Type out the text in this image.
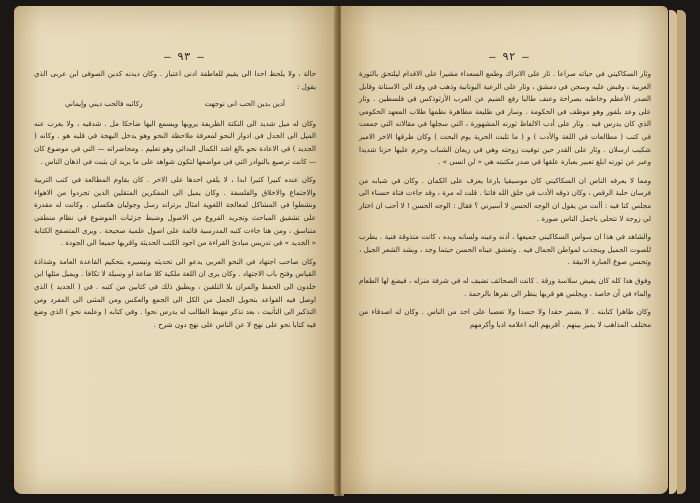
— ٩٣ —

حالة ، ولا يلحظ احدا الى يقيم للعاطفة ادنى اعتبار . وكان ديدنه كدين الصوفى ابن عربى الذي يقول :

أدين بدين الحب انى توجهت
ركائبه فالحب ديني وإيماني

وكان له ميل شديد الى النكتة الظريفة يرويها ويسمع اليها ضاحكا مل . شدقيه ، ولا يغرب عنه الميل الى الجدل في ادوار النحو لمعرفة ملاحظة النحو وهو يدخل البهجة في قلبه هو . وكانه ( الجديد ) في الاعادة نحو بالغ اشد الكمال البدائي وهو تعليم . ومحاضراته — التي في موضوع كان — كانت ترصيع بالنوادر التي في مواضعها لتكون شواهد على ما يريد ان يثبت في اذهان الناس .

وكان عنده كبيرا كثيرا ابدا ، لا يلقي احدها على الاخر . كان يقاوم المطالعة في كتب التربية والاجتماع والاخلاق والفلسفة . وكان يميل الى المفكرين المتقلين الذين تجردوا من الاهواء ونشطوا في المشاكل لمعالجة اللغوية امثال برتراند رسل وجوليان هكسلي . وكانت له مقدرة على تشقيق المباحث وتجريد الفروع من الاصول وضبط جزئيات الموضوع في نظام منطقي متناسق ، ومن هنا جاءت كتبه المدرسية قائمة على اصول علمية صحيحة . ويرى المتصفح الكتابة « الجديد » في تدريس مبادئ القراءة من اجود الكتب الحديثة واقربها جميعا الى الجودة .

وكان صاحب اجتهاد في النحو العربي يدعو الى تحديثه وتيسيره بتحكيم القاعدة العامة وشذاذة القياس وفتح باب الاجتهاد . وكان يرى ان اللغة ملكية كلا ضاعة او وسيلة لا تكافا . ويميل مثلها ابن خلدون الى الحفظ والمران بلا التلقين ، ويطيق ذلك في كتابين من كتبه . في ( الجديد ) الذي اوصل فيه القواعد بتحويل الجمل من الكل الى الجمع والعكس ومن المثنى الى المفرد ومن التذكير الى التأنيث ، بعد تذكر مهبط الطالب له يدرس نحوا . وفي كتابه ( وعلمه نحو ) الذي وضع فيه كتابا نحو على نهج لا عن الناس على نهج دون شرح .

— ٩٢ —

وثار السكاكيني في حياته صراعا . ثار على الاتراك وطمع السعداء مشيرا على الاقدام ليلتحق بالثورة العربية ، وقبض عليه وسجن في دمشق ، وثار على الرعية اليونانية وذهب في وفد الى الاستانة وقابل الصدر الأعظم وخاطبه بصراحة وعنف طالبا رفع الضيم عن العرب الأرثوذكس في فلسطين . وثار على وعد بلفور وهو موظف في الحكومة . وسار في طليعة مظاهرة نظمها طلاب المعهد الحكومي الذي كان يدرس فيه . وثار على أدب الالفاظ ثورته المشهورة ، التي سجلها في مقالاته التي جمعت في كتب ( مطالعات في اللغة والأدب ) و ( ما تلبث الحرية يوم البحث ) وكان طرقها الاخر الامير شكيب ارسلان . وثار على القدر حين توفيت زوجته وهي في ريعان الشباب وحرم عليها حزنا شديدا وعبر عن ثورته ابلغ تعبير بعبارة علقها في صدر مكتبته هي « لن انسى » .

ومما لا يعرفه الناس ان السكاكيني كان موسيقيا بارعا يعزف على الكمان . وكان في شبابه من فرسان حلبة الرقص ، وكان ذوقه الأدب في خلق الله فاتنا . قلت له مرة ، وقد جاءت فتاة حسناء الى مجلس كنا فيه : أأنت من يقول ان الوجه الحسن لا أسيرني ؟ فقال : الوجه الحسن ! لا أحب ان اختار لي زوجة لا تتحلى باجمل الناس صورة .

والشاهد في هذا ان سواس السكاكيني جميعها ، أذنه وعينه ولسانه ويده ، كانت متذوقة فنية . يطرب للصوت الجميل وينجذب لمواطن الجمال فيه . وتعشق عيناه الحسن حيثما وجد ، ويشد الشعر الجيل ، وتحسن صوغ العبارة الانيقة .

وفوق هذا كله كان يفيض سلاسة ورقة . كانت الصحائف تضيف له في شرفة منزله ، فيضع لها الطعام والماء في آن خاصة ، ويجلس هو قربها ينظر الى نقرها بالرحمة .

وكان طاهرا كتابته . لا يضمر حقدا ولا حسدا ولا تعصبا على احد من الناس . وكان له اصدقاء من مختلف المذاهب لا يميز بينهم . أقربهم اليه اعلامه ادبا وأكرمهم
